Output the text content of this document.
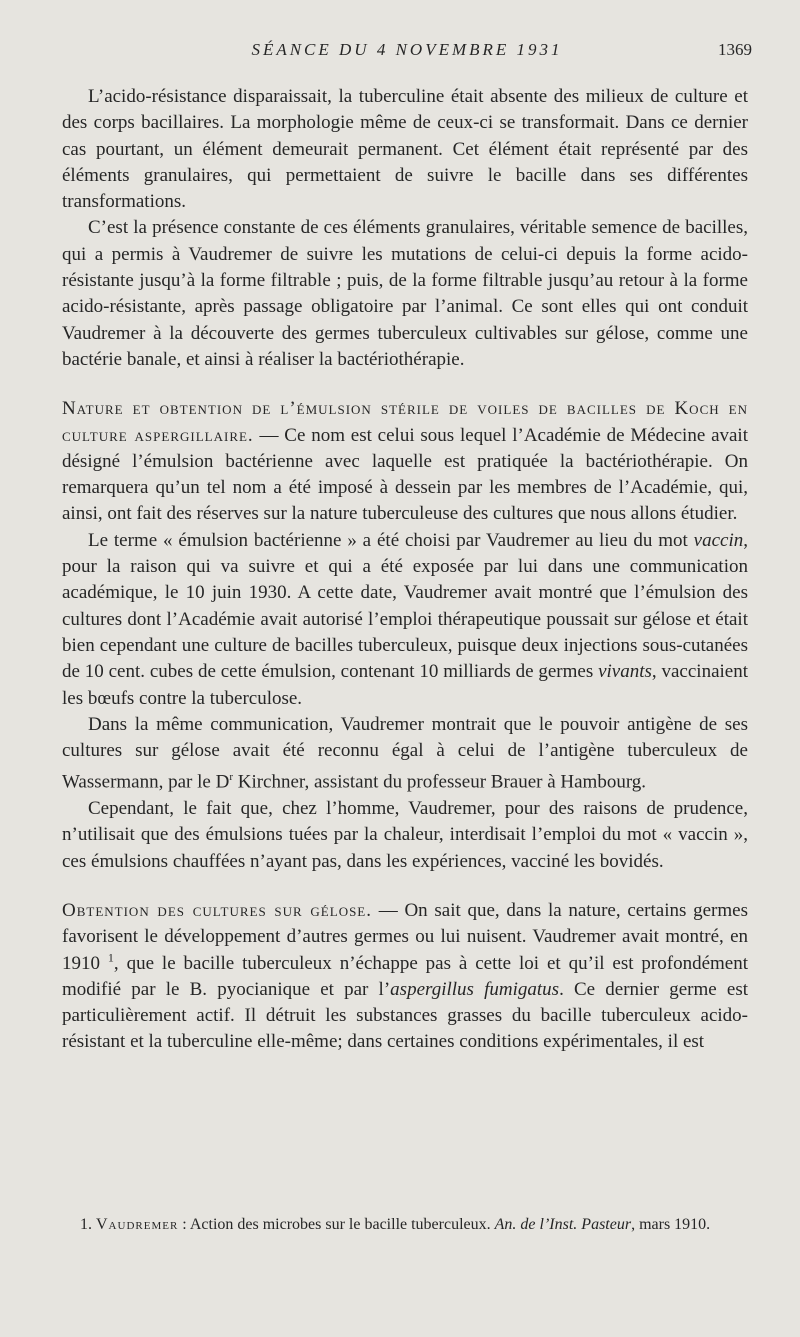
SÉANCE DU 4 NOVEMBRE 1931	1369

L’acido-résistance disparaissait, la tuberculine était absente des milieux de culture et des corps bacillaires. La morphologie même de ceux-ci se transformait. Dans ce dernier cas pourtant, un élément demeurait permanent. Cet élément était représenté par des éléments granulaires, qui permettaient de suivre le bacille dans ses différentes transformations.

C’est la présence constante de ces éléments granulaires, véritable semence de bacilles, qui a permis à Vaudremer de suivre les mutations de celui-ci depuis la forme acido-résistante jusqu’à la forme filtrable ; puis, de la forme filtrable jusqu’au retour à la forme acido-résistante, après passage obligatoire par l’animal. Ce sont elles qui ont conduit Vaudremer à la découverte des germes tuberculeux cultivables sur gélose, comme une bactérie banale, et ainsi à réaliser la bactériothérapie.

Nature et obtention de l’émulsion stérile de voiles de bacilles de Koch en culture aspergillaire. — Ce nom est celui sous lequel l’Académie de Médecine avait désigné l’émulsion bactérienne avec laquelle est pratiquée la bactériothérapie. On remarquera qu’un tel nom a été imposé à dessein par les membres de l’Académie, qui, ainsi, ont fait des réserves sur la nature tuberculeuse des cultures que nous allons étudier.

Le terme « émulsion bactérienne » a été choisi par Vaudremer au lieu du mot vaccin, pour la raison qui va suivre et qui a été exposée par lui dans une communication académique, le 10 juin 1930. A cette date, Vaudremer avait montré que l’émulsion des cultures dont l’Académie avait autorisé l’emploi thérapeutique poussait sur gélose et était bien cependant une culture de bacilles tuberculeux, puisque deux injections sous-cutanées de 10 cent. cubes de cette émulsion, contenant 10 milliards de germes vivants, vaccinaient les bœufs contre la tuberculose.

Dans la même communication, Vaudremer montrait que le pouvoir antigène de ses cultures sur gélose avait été reconnu égal à celui de l’antigène tuberculeux de Wassermann, par le $D^r$ Kirchner, assistant du professeur Brauer à Hambourg.

Cependant, le fait que, chez l’homme, Vaudremer, pour des raisons de prudence, n’utilisait que des émulsions tuées par la chaleur, interdisait l’emploi du mot « vaccin », ces émulsions chauffées n’ayant pas, dans les expériences, vacciné les bovidés.

Obtention des cultures sur gélose. — On sait que, dans la nature, certains germes favorisent le développement d’autres germes ou lui nuisent. Vaudremer avait montré, en 1910 $^1$, que le bacille tuberculeux n’échappe pas à cette loi et qu’il est profondément modifié par le B. pyocianique et par l’aspergillus fumigatus. Ce dernier germe est particulièrement actif. Il détruit les substances grasses du bacille tuberculeux acido-résistant et la tuberculine elle-même; dans certaines conditions expérimentales, il est

1. Vaudremer : Action des microbes sur le bacille tuberculeux. An. de l’Inst. Pasteur, mars 1910.
